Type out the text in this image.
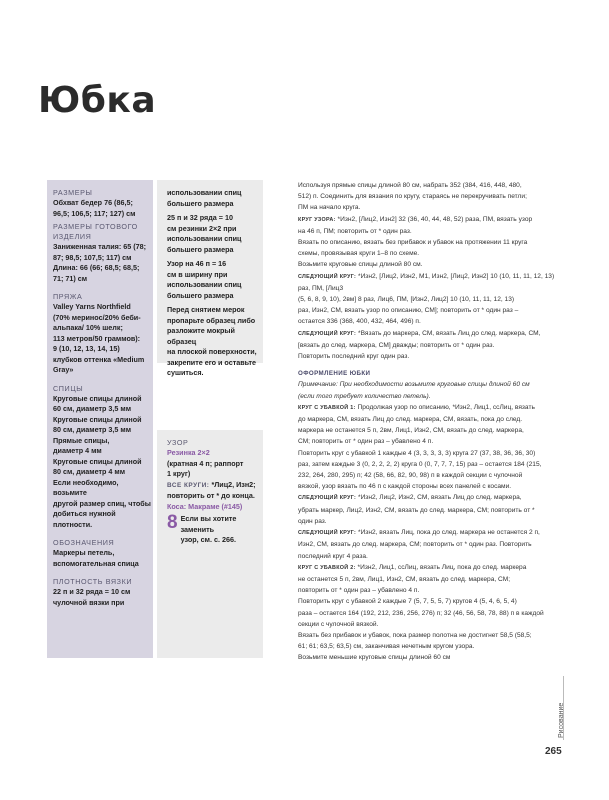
Юбка
РАЗМЕРЫ
Обхват бедер 76 (86,5;
96,5; 106,5; 117; 127) см
РАЗМЕРЫ ГОТОВОГО
ИЗДЕЛИЯ
Заниженная талия: 65 (78;
87; 98,5; 107,5; 117) см
Длина: 66 (66; 68,5; 68,5;
71; 71) см
ПРЯЖА
Valley Yarns Northfield
(70% мериноc/20% беби-
альпака/ 10% шелк;
113 метров/50 граммов):
9 (10, 12, 13, 14, 15)
клубков оттенка «Medium
Gray»
СПИЦЫ
Круговые спицы длиной
60 см, диаметр 3,5 мм
Круговые спицы длиной
80 см, диаметр 3,5 мм
Прямые спицы,
диаметр 4 мм
Круговые спицы длиной
80 см, диаметр 4 мм
Если необходимо, возьмите
другой размер спиц, чтобы
добиться нужной плотности.
ОБОЗНАЧЕНИЯ
Маркеры петель,
вспомогательная спица
ПЛОТНОСТЬ ВЯЗКИ
22 п и 32 ряда = 10 см
чулочной вязки при
использовании спиц
большего размера
25 п и 32 ряда = 10
см резинки 2×2 при
использовании спиц
большего размера
Узор на 46 п = 16
см в ширину при
использовании спиц
большего размера
Перед снятием мерок
пропарьте образец либо
разложите мокрый образец
на плоской поверхности,
закрепите его и оставьте
сушиться.
УЗОР
Резинка 2×2
(кратная 4 п; раппорт
1 круг)
ВСЕ КРУГИ: *Лиц2, Изн2;
повторить от * до конца.
Коса: Макраме (#145)
8 Если вы хотите заменить
узор, см. с. 266.

Используя прямые спицы длиной 80 см, набрать 352 (384, 416, 448, 480,

512) п. Соединить для вязания по кругу, стараясь не перекручивать петли;

ПМ на начало круга.

КРУГ УЗОРА: *Изн2, [Лиц2, Изн2] 32 (36, 40, 44, 48, 52) раза, ПМ, вязать узор

на 46 п, ПМ; повторить от * один раз.

Вязать по описанию, вязать без прибавок и убавок на протяжении 11 круга

схемы, провязывая круги 1–8 по схеме.

Возьмите круговые спицы длиной 80 см.

СЛЕДУЮЩИЙ КРУГ: *Изн2, [Лиц2, Изн2, М1, Изн2, [Лиц2, Изн2] 10 (10, 11, 11, 12, 13) раз, ПМ, [Лиц3

(5, 6, 8, 9, 10), 2вм] 8 раз, Лиц6, ПМ, [Изн2, Лиц2] 10 (10, 11, 11, 12, 13)

раз, Изн2, СМ, вязать узор по описанию, СМ]; повторить от * один раз –

остается 336 (368, 400, 432, 464, 496) п.

СЛЕДУЮЩИЙ КРУГ: *Вязать до маркера, СМ, вязать Лиц до след. маркера, СМ,

[вязать до след. маркера, СМ] дважды; повторить от * один раз.

Повторить последний круг один раз.

ОФОРМЛЕНИЕ ЮБКИ

Примечание: При необходимости возьмите круговые спицы длиной 60 см

(если того требует количество петель).

КРУГ С УБАВКОЙ 1: Продолжая узор по описанию, *Изн2, Лиц1, ссЛиц, вязать

до маркера, СМ, вязать Лиц до след. маркера, СМ, вязать, пока до след.

маркера не останется 5 п, 2вм, Лиц1, Изн2, СМ, вязать до след. маркера,

СМ; повторить от * один раз – убавлено 4 п.

Повторить круг с убавкой 1 каждые 4 (3, 3, 3, 3, 3) круга 27 (37, 38, 36, 36, 30)

раз, затем каждые 3 (0, 2, 2, 2, 2) круга 0 (0, 7, 7, 7, 15) раз – остается 184 (215,

232, 264, 280, 295) п; 42 (58, 66, 82, 90, 98) п в каждой секции с чулочной

вязкой, узор вязать по 46 п с каждой стороны всех панелей с косами.

СЛЕДУЮЩИЙ КРУГ: *Изн2, Лиц2, Изн2, СМ, вязать Лиц до след. маркера,

убрать маркер, Лиц2, Изн2, СМ, вязать до след. маркера, СМ; повторить от *

один раз.

СЛЕДУЮЩИЙ КРУГ: *Изн2, вязать Лиц, пока до след. маркера не останется 2 п,

Изн2, СМ, вязать до след. маркера, СМ; повторить от * один раз. Повторить

последний круг 4 раза.

КРУГ С УБАВКОЙ 2: *Изн2, Лиц1, ссЛиц, вязать Лиц, пока до след. маркера

не останется 5 п, 2вм, Лиц1, Изн2, СМ, вязать до след. маркера, СМ;

повторить от * один раз – убавлено 4 п.

Повторить круг с убавкой 2 каждые 7 (5, 7, 5, 5, 7) кругов 4 (5, 4, 6, 5, 4)

раза – остается 164 (192, 212, 236, 256, 276) п; 32 (46, 56, 58, 78, 88) п в каждой

секции с чулочной вязкой.

Вязать без прибавок и убавок, пока размер полотна не достигнет 58,5 (58,5;

61; 61; 63,5; 63,5) см, заканчивая нечетным кругом узора.

Возьмите меньшие круговые спицы длиной 60 см

Рисование
265
